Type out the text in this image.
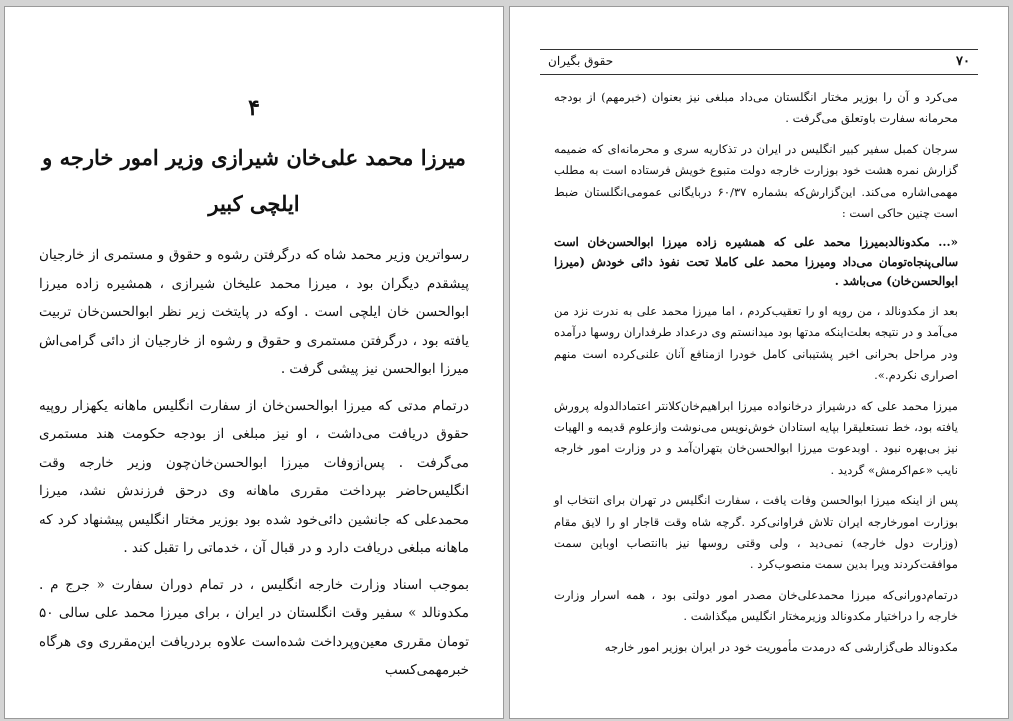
۴
میرزا محمد علی‌خان شیرازی وزیر امور خارجه و
ایلچی کبیر

رسواترین وزیر محمد شاه که درگرفتن رشوه و حقوق و مستمری از خارجیان پیشقدم دیگران بود ، میرزا محمد علیخان شیرازی ، همشیره زاده میرزا ابوالحسن خان ایلچی است . اوکه در پایتخت زیر نظر ابوالحسن‌خان تربیت یافته بود ، درگرفتن مستمری و حقوق و رشوه از خارجیان از دائی گرامی‌اش میرزا ابوالحسن نیز پیشی گرفت .

درتمام مدتی که میرزا ابوالحسن‌خان از سفارت انگلیس ماهانه یکهزار روپیه حقوق دریافت می‌داشت ، او نیز مبلغی از بودجه حکومت هند مستمری می‌گرفت . پس‌ازوفات میرزا ابوالحسن‌خان‌چون وزیر خارجه وقت انگلیس‌حاضر بپرداخت مقرری ماهانه وی درحق فرزندش نشد، میرزا محمدعلی که جانشین دائی‌خود شده بود بوزیر مختار انگلیس پیشنهاد کرد که ماهانه مبلغی دریافت دارد و در قبال آن ، خدماتی را تقبل کند .

بموجب اسناد وزارت خارجه انگلیس ، در تمام دوران سفارت « جرج م . مکدونالد » سفیر وقت انگلستان در ایران ، برای میرزا محمد علی سالی ۵۰ تومان مقرری معین‌وپرداخت شده‌است علاوه بردریافت این‌مقرری وی هرگاه خبرمهمی‌کسب

۷۰
حقوق بگیران

می‌کرد و آن را بوزیر مختار انگلستان می‌داد مبلغی نیز بعنوان (خبرمهم) از بودجه محرمانه سفارت باوتعلق می‌گرفت .

سرجان کمبل سفیر کبیر انگلیس در ایران در تذکاریه سری و محرمانه‌ای که ضمیمه گزارش نمره هشت خود بوزارت خارجه دولت متبوع خویش فرستاده است به مطلب مهمی‌اشاره می‌کند. این‌گزارش‌که بشماره ۶۰/۳۷ دربایگانی عمومی‌انگلستان ضبط است چنین حاکی است :

«... مکدونالدبمیرزا محمد علی که همشیره زاده میرزا ابوالحسن‌خان است سالی‌پنجاه‌تومان می‌داد ومیرزا محمد علی کاملا تحت نفوذ دائی خودش (میرزا ابوالحسن‌خان) می‌باشد .

بعد از مکدونالد ، من رویه او را تعقیب‌کردم ، اما میرزا محمد علی به ندرت نزد من می‌آمد و در نتیجه بعلت‌اینکه مدتها بود میدانستم وی درعداد طرفداران روسها درآمده ودر مراحل بحرانی اخیر پشتیبانی کامل خودرا ازمنافع آنان علنی‌کرده است منهم اصراری نکردم.».

میرزا محمد علی که درشیراز درخانواده میرزا ابراهیم‌خان‌کلانتر اعتمادالدوله پرورش یافته بود، خط نستعلیقرا بپایه استادان خوش‌نویس می‌نوشت وازعلوم قدیمه و الهیات نیز بی‌بهره نبود . اوبدعوت میرزا ابوالحسن‌خان بتهران‌آمد و در وزارت امور خارجه نایب «عم‌اکرمش» گردید .

پس از اینکه میرزا ابوالحسن وفات یافت ، سفارت انگلیس در تهران برای انتخاب او بوزارت امورخارجه ایران تلاش فراوانی‌کرد .گرچه شاه وقت قاجار او را لایق مقام (وزارت دول خارجه) نمی‌دید ، ولی وقتی روسها نیز باانتصاب اوباین سمت موافقت‌کردند ویرا بدین سمت منصوب‌کرد .

درتمام‌دورانی‌که میرزا محمدعلی‌خان مصدر امور دولتی بود ، همه اسرار وزارت خارجه را دراختیار مکدونالد وزیرمختار انگلیس میگذاشت .

مکدونالد طی‌گزارشی که درمدت مأموریت خود در ایران بوزیر امور خارجه
